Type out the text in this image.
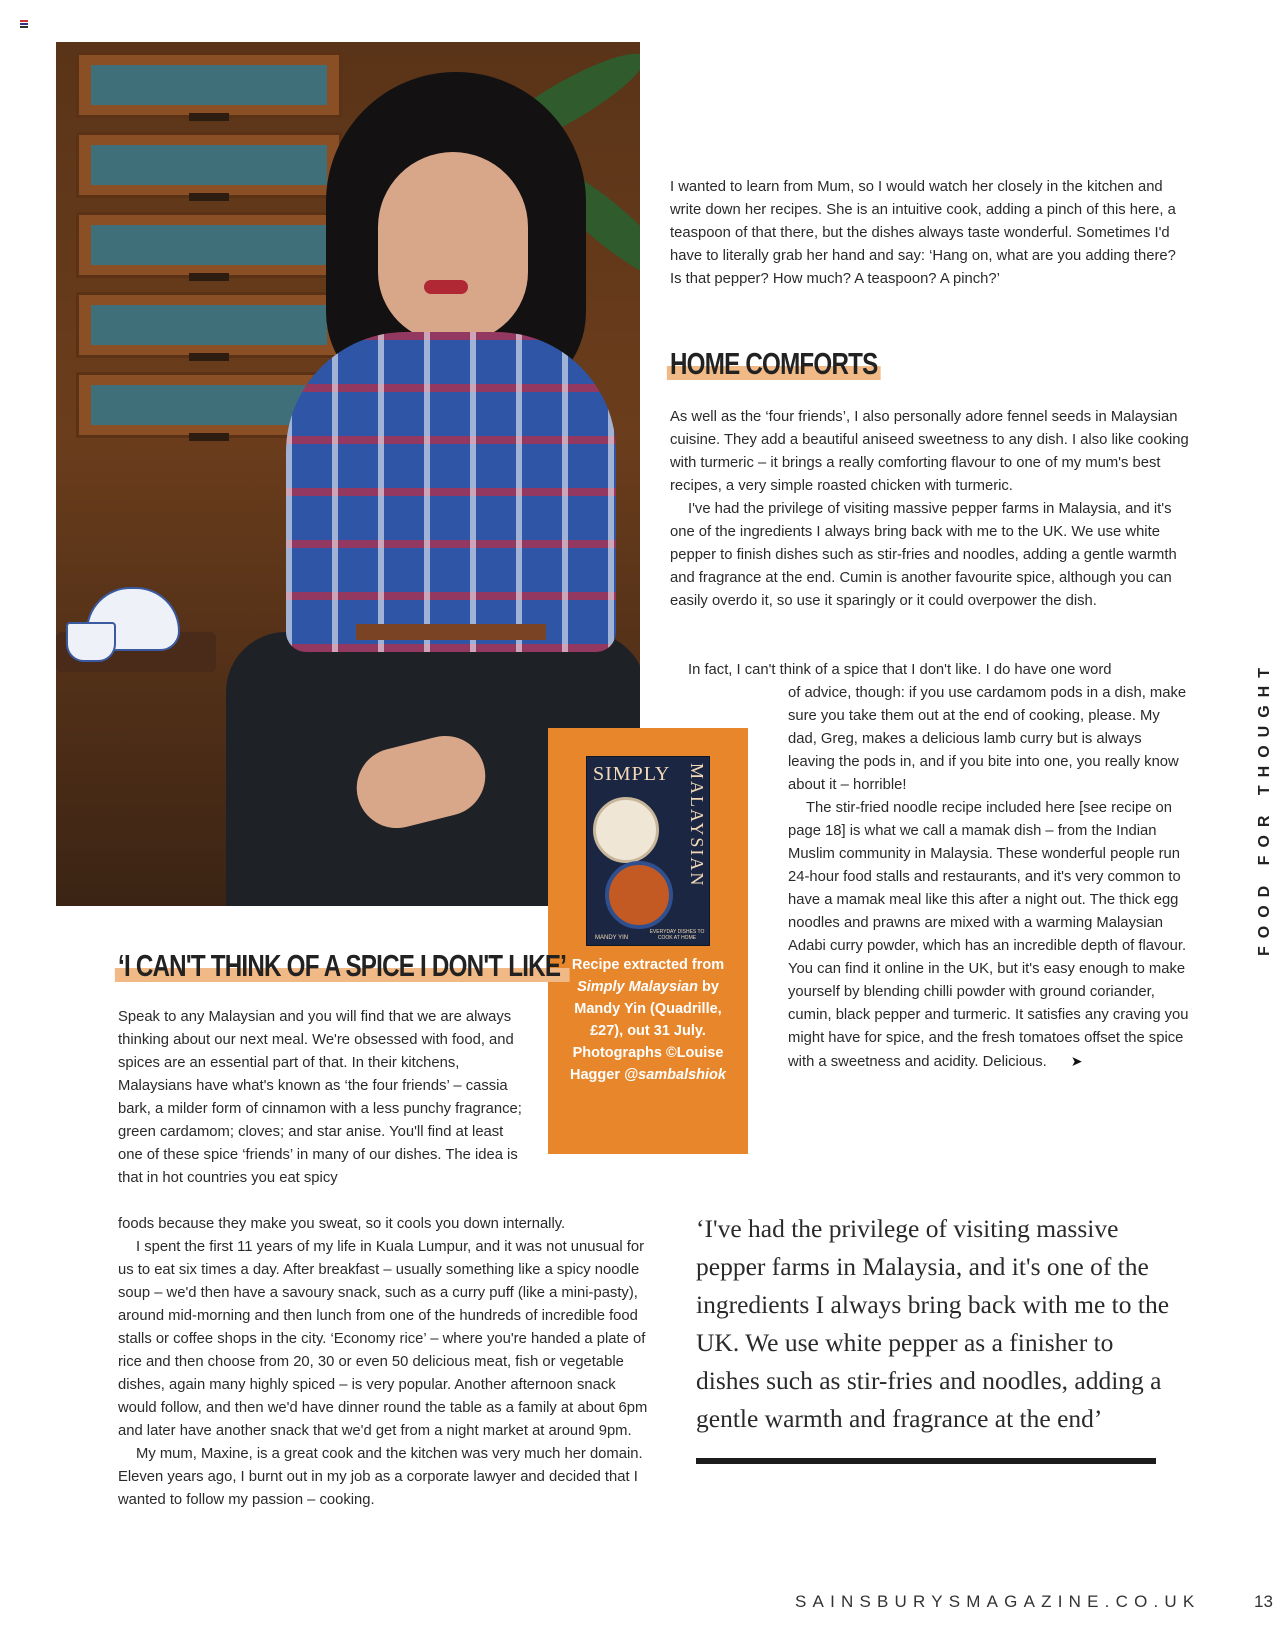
I wanted to learn from Mum, so I would watch her closely in the kitchen and write down her recipes. She is an intuitive cook, adding a pinch of this here, a teaspoon of that there, but the dishes always taste wonderful. Sometimes I'd have to literally grab her hand and say: ‘Hang on, what are you adding there? Is that pepper? How much? A teaspoon? A pinch?’

HOME COMFORTS

As well as the ‘four friends’, I also personally adore fennel seeds in Malaysian cuisine. They add a beautiful aniseed sweetness to any dish. I also like cooking with turmeric – it brings a really comforting flavour to one of my mum's best recipes, a very simple roasted chicken with turmeric.

I've had the privilege of visiting massive pepper farms in Malaysia, and it's one of the ingredients I always bring back with me to the UK. We use white pepper to finish dishes such as stir-fries and noodles, adding a gentle warmth and fragrance at the end. Cumin is another favourite spice, although you can easily overdo it, so use it sparingly or it could overpower the dish.

In fact, I can't think of a spice that I don't like. I do have one word

of advice, though: if you use cardamom pods in a dish, make sure you take them out at the end of cooking, please. My dad, Greg, makes a delicious lamb curry but is always leaving the pods in, and if you bite into one, you really know about it – horrible!

The stir-fried noodle recipe included here [see recipe on page 18] is what we call a mamak dish – from the Indian Muslim community in Malaysia. These wonderful people run 24-hour food stalls and restaurants, and it's very common to have a mamak meal like this after a night out. The thick egg noodles and prawns are mixed with a warming Malaysian Adabi curry powder, which has an incredible depth of flavour. You can find it online in the UK, but it's easy enough to make yourself by blending chilli powder with ground coriander, cumin, black pepper and turmeric. It satisfies any craving you might have for spice, and the fresh tomatoes offset the spice with a sweetness and acidity. Delicious. ➤

SIMPLY MALAYSIAN
MANDY YIN
EVERYDAY DISHES TO COOK AT HOME
Recipe extracted from Simply Malaysian by Mandy Yin (Quadrille, £27), out 31 July. Photographs ©Louise Hagger @sambalshiok
‘I CAN'T THINK OF A SPICE I DON'T LIKE’

Speak to any Malaysian and you will find that we are always thinking about our next meal. We're obsessed with food, and spices are an essential part of that. In their kitchens, Malaysians have what's known as ‘the four friends’ – cassia bark, a milder form of cinnamon with a less punchy fragrance; green cardamom; cloves; and star anise. You'll find at least one of these spice ‘friends’ in many of our dishes. The idea is that in hot countries you eat spicy

foods because they make you sweat, so it cools you down internally.

I spent the first 11 years of my life in Kuala Lumpur, and it was not unusual for us to eat six times a day. After breakfast – usually something like a spicy noodle soup – we'd then have a savoury snack, such as a curry puff (like a mini-pasty), around mid-morning and then lunch from one of the hundreds of incredible food stalls or coffee shops in the city. ‘Economy rice’ – where you're handed a plate of rice and then choose from 20, 30 or even 50 delicious meat, fish or vegetable dishes, again many highly spiced – is very popular. Another afternoon snack would follow, and then we'd have dinner round the table as a family at about 6pm and later have another snack that we'd get from a night market at around 9pm.

My mum, Maxine, is a great cook and the kitchen was very much her domain. Eleven years ago, I burnt out in my job as a corporate lawyer and decided that I wanted to follow my passion – cooking.

‘I've had the privilege of visiting massive pepper farms in Malaysia, and it's one of the ingredients I always bring back with me to the UK. We use white pepper as a finisher to dishes such as stir-fries and noodles, adding a gentle warmth and fragrance at the end’
FOOD FOR THOUGHT
SAINSBURYSMAGAZINE.CO.UK	13
